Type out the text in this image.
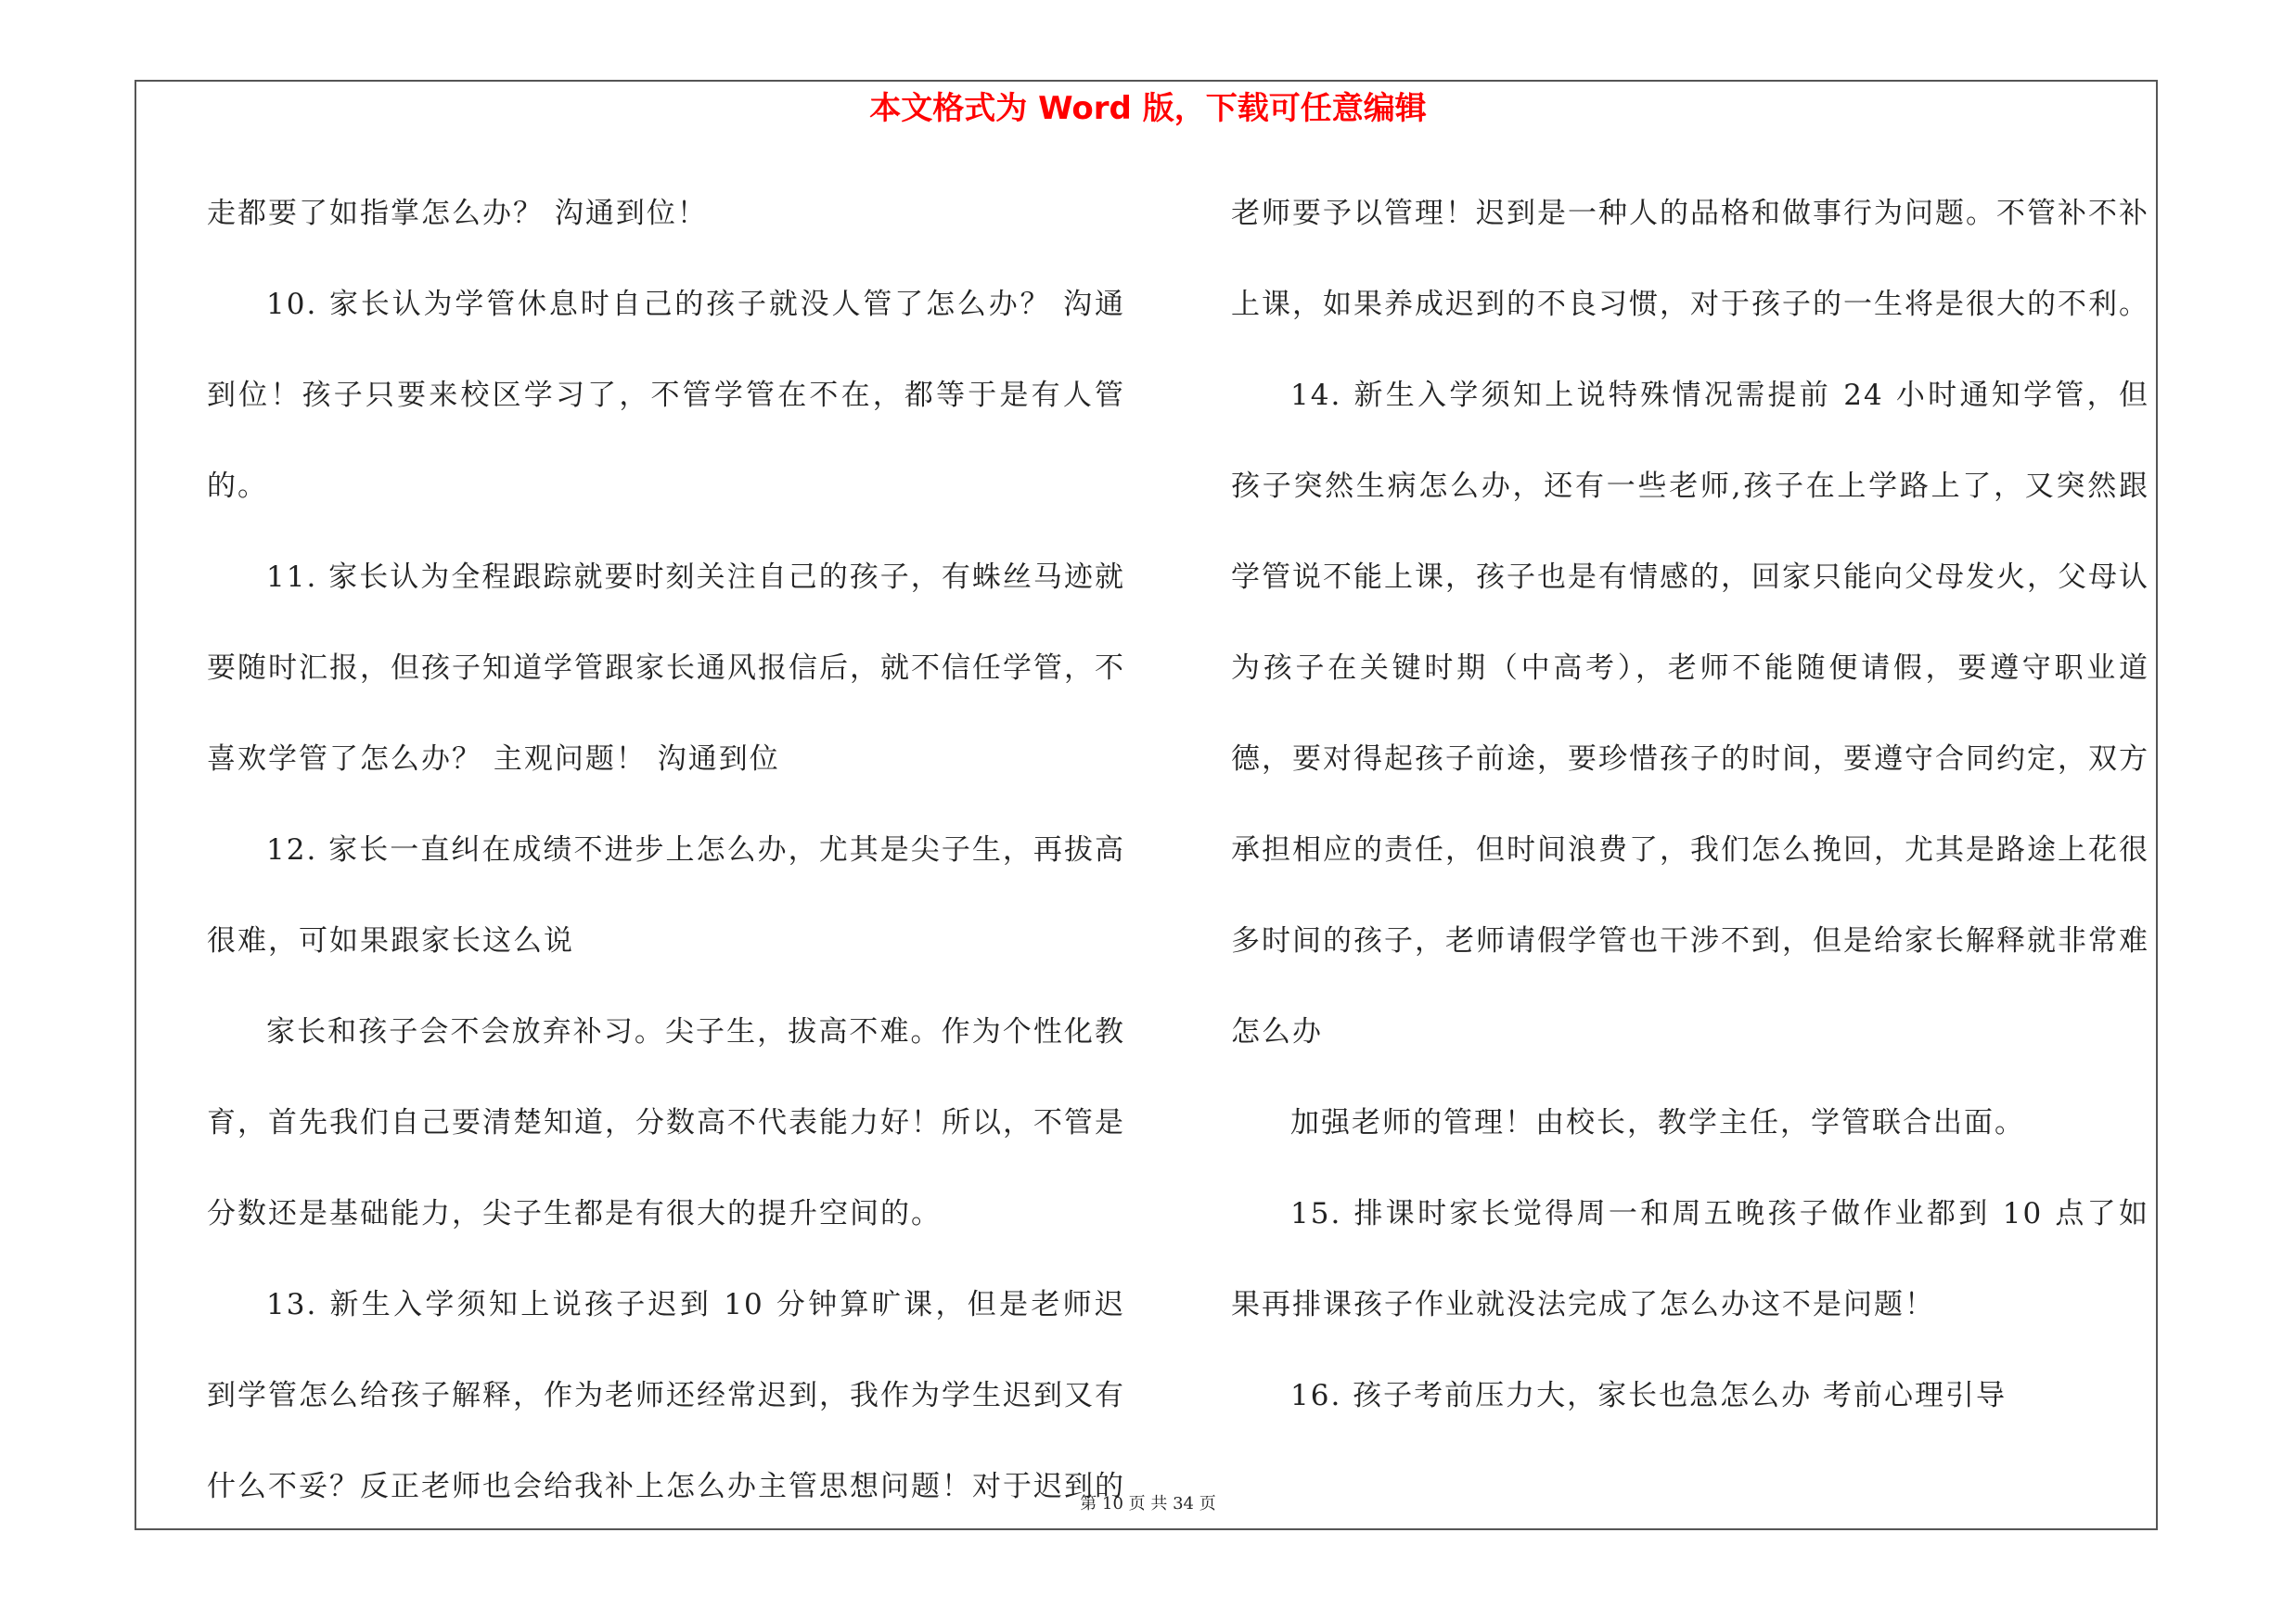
本文格式为 Word 版，下载可任意编辑

走都要了如指掌怎么办？ 沟通到位！

10. 家长认为学管休息时自己的孩子就没人管了怎么办？ 沟通到位！孩子只要来校区学习了，不管学管在不在，都等于是有人管的。

11. 家长认为全程跟踪就要时刻关注自己的孩子，有蛛丝马迹就要随时汇报，但孩子知道学管跟家长通风报信后，就不信任学管，不喜欢学管了怎么办？ 主观问题！ 沟通到位

12. 家长一直纠在成绩不进步上怎么办，尤其是尖子生，再拔高很难，可如果跟家长这么说

家长和孩子会不会放弃补习。尖子生，拔高不难。作为个性化教育，首先我们自己要清楚知道，分数高不代表能力好！所以，不管是分数还是基础能力，尖子生都是有很大的提升空间的。

13. 新生入学须知上说孩子迟到 10 分钟算旷课，但是老师迟到学管怎么给孩子解释，作为老师还经常迟到，我作为学生迟到又有什么不妥？反正老师也会给我补上怎么办主管思想问题！对于迟到的

老师要予以管理！迟到是一种人的品格和做事行为问题。不管补不补上课，如果养成迟到的不良习惯，对于孩子的一生将是很大的不利。

14. 新生入学须知上说特殊情况需提前 24 小时通知学管，但孩子突然生病怎么办，还有一些老师,孩子在上学路上了，又突然跟学管说不能上课，孩子也是有情感的，回家只能向父母发火，父母认为孩子在关键时期（中高考），老师不能随便请假，要遵守职业道德，要对得起孩子前途，要珍惜孩子的时间，要遵守合同约定，双方承担相应的责任，但时间浪费了，我们怎么挽回，尤其是路途上花很多时间的孩子，老师请假学管也干涉不到，但是给家长解释就非常难怎么办

加强老师的管理！由校长，教学主任，学管联合出面。

15. 排课时家长觉得周一和周五晚孩子做作业都到 10 点了如果再排课孩子作业就没法完成了怎么办这不是问题！

16. 孩子考前压力大，家长也急怎么办 考前心理引导

第 10 页 共 34 页
